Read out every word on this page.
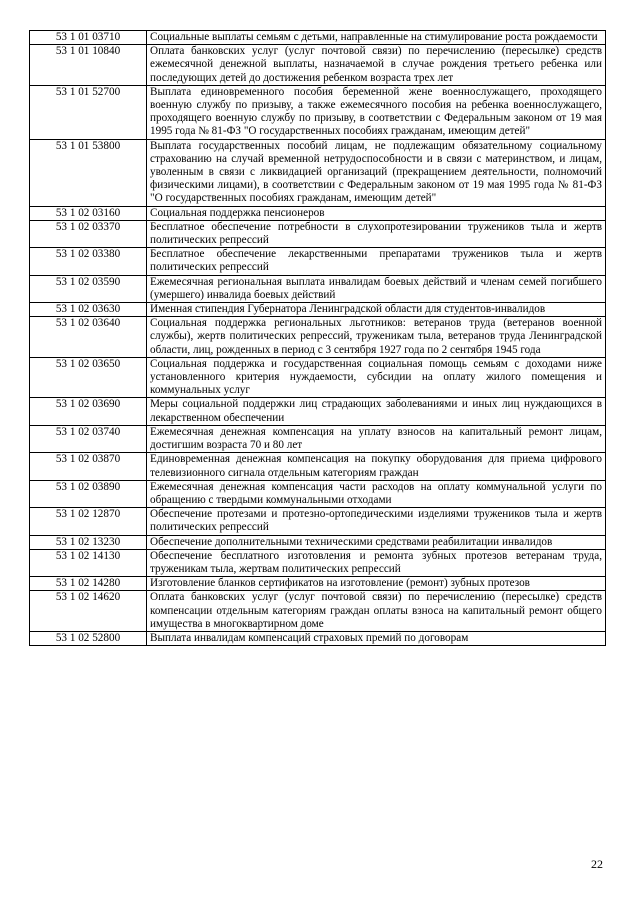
53 1 01 03710	Социальные выплаты семьям с детьми, направленные на стимулирование роста рождаемости
53 1 01 10840	Оплата банковских услуг (услуг почтовой связи) по перечислению (пересылке) средств ежемесячной денежной выплаты, назначаемой в случае рождения третьего ребенка или последующих детей до достижения ребенком возраста трех лет
53 1 01 52700	Выплата единовременного пособия беременной жене военнослужащего, проходящего военную службу по призыву, а также ежемесячного пособия на ребенка военнослужащего, проходящего военную службу по призыву, в соответствии с Федеральным законом от 19 мая 1995 года № 81-ФЗ "О государственных пособиях гражданам, имеющим детей"
53 1 01 53800	Выплата государственных пособий лицам, не подлежащим обязательному социальному страхованию на случай временной нетрудоспособности и в связи с материнством, и лицам, уволенным в связи с ликвидацией организаций (прекращением деятельности, полномочий физическими лицами), в соответствии с Федеральным законом от 19 мая 1995 года № 81-ФЗ "О государственных пособиях гражданам, имеющим детей"
53 1 02 03160	Социальная поддержка пенсионеров
53 1 02 03370	Бесплатное обеспечение потребности в слухопротезировании тружеников тыла и жертв политических репрессий
53 1 02 03380	Бесплатное обеспечение лекарственными препаратами тружеников тыла и жертв политических репрессий
53 1 02 03590	Ежемесячная региональная выплата инвалидам боевых действий и членам семей погибшего (умершего) инвалида боевых действий
53 1 02 03630	Именная стипендия Губернатора Ленинградской области для студентов-инвалидов
53 1 02 03640	Социальная поддержка региональных льготников: ветеранов труда (ветеранов военной службы), жертв политических репрессий, труженикам тыла, ветеранов труда Ленинградской области, лиц, рожденных в период с 3 сентября 1927 года по 2 сентября 1945 года
53 1 02 03650	Социальная поддержка и государственная социальная помощь семьям с доходами ниже установленного критерия нуждаемости, субсидии на оплату жилого помещения и коммунальных услуг
53 1 02 03690	Меры социальной поддержки лиц страдающих заболеваниями и иных лиц нуждающихся в лекарственном обеспечении
53 1 02 03740	Ежемесячная денежная компенсация на уплату взносов на капитальный ремонт лицам, достигшим возраста 70 и 80 лет
53 1 02 03870	Единовременная денежная компенсация на покупку оборудования для приема цифрового телевизионного сигнала отдельным категориям граждан
53 1 02 03890	Ежемесячная денежная компенсация части расходов на оплату коммунальной услуги по обращению с твердыми коммунальными отходами
53 1 02 12870	Обеспечение протезами и протезно-ортопедическими изделиями тружеников тыла и жертв политических репрессий
53 1 02 13230	Обеспечение дополнительными техническими средствами реабилитации инвалидов
53 1 02 14130	Обеспечение бесплатного изготовления и ремонта зубных протезов ветеранам труда, труженикам тыла, жертвам политических репрессий
53 1 02 14280	Изготовление бланков сертификатов на изготовление (ремонт) зубных протезов
53 1 02 14620	Оплата банковских услуг (услуг почтовой связи) по перечислению (пересылке) средств компенсации отдельным категориям граждан оплаты взноса на капитальный ремонт общего имущества в многоквартирном доме
53 1 02 52800	Выплата инвалидам компенсаций страховых премий по договорам
22
